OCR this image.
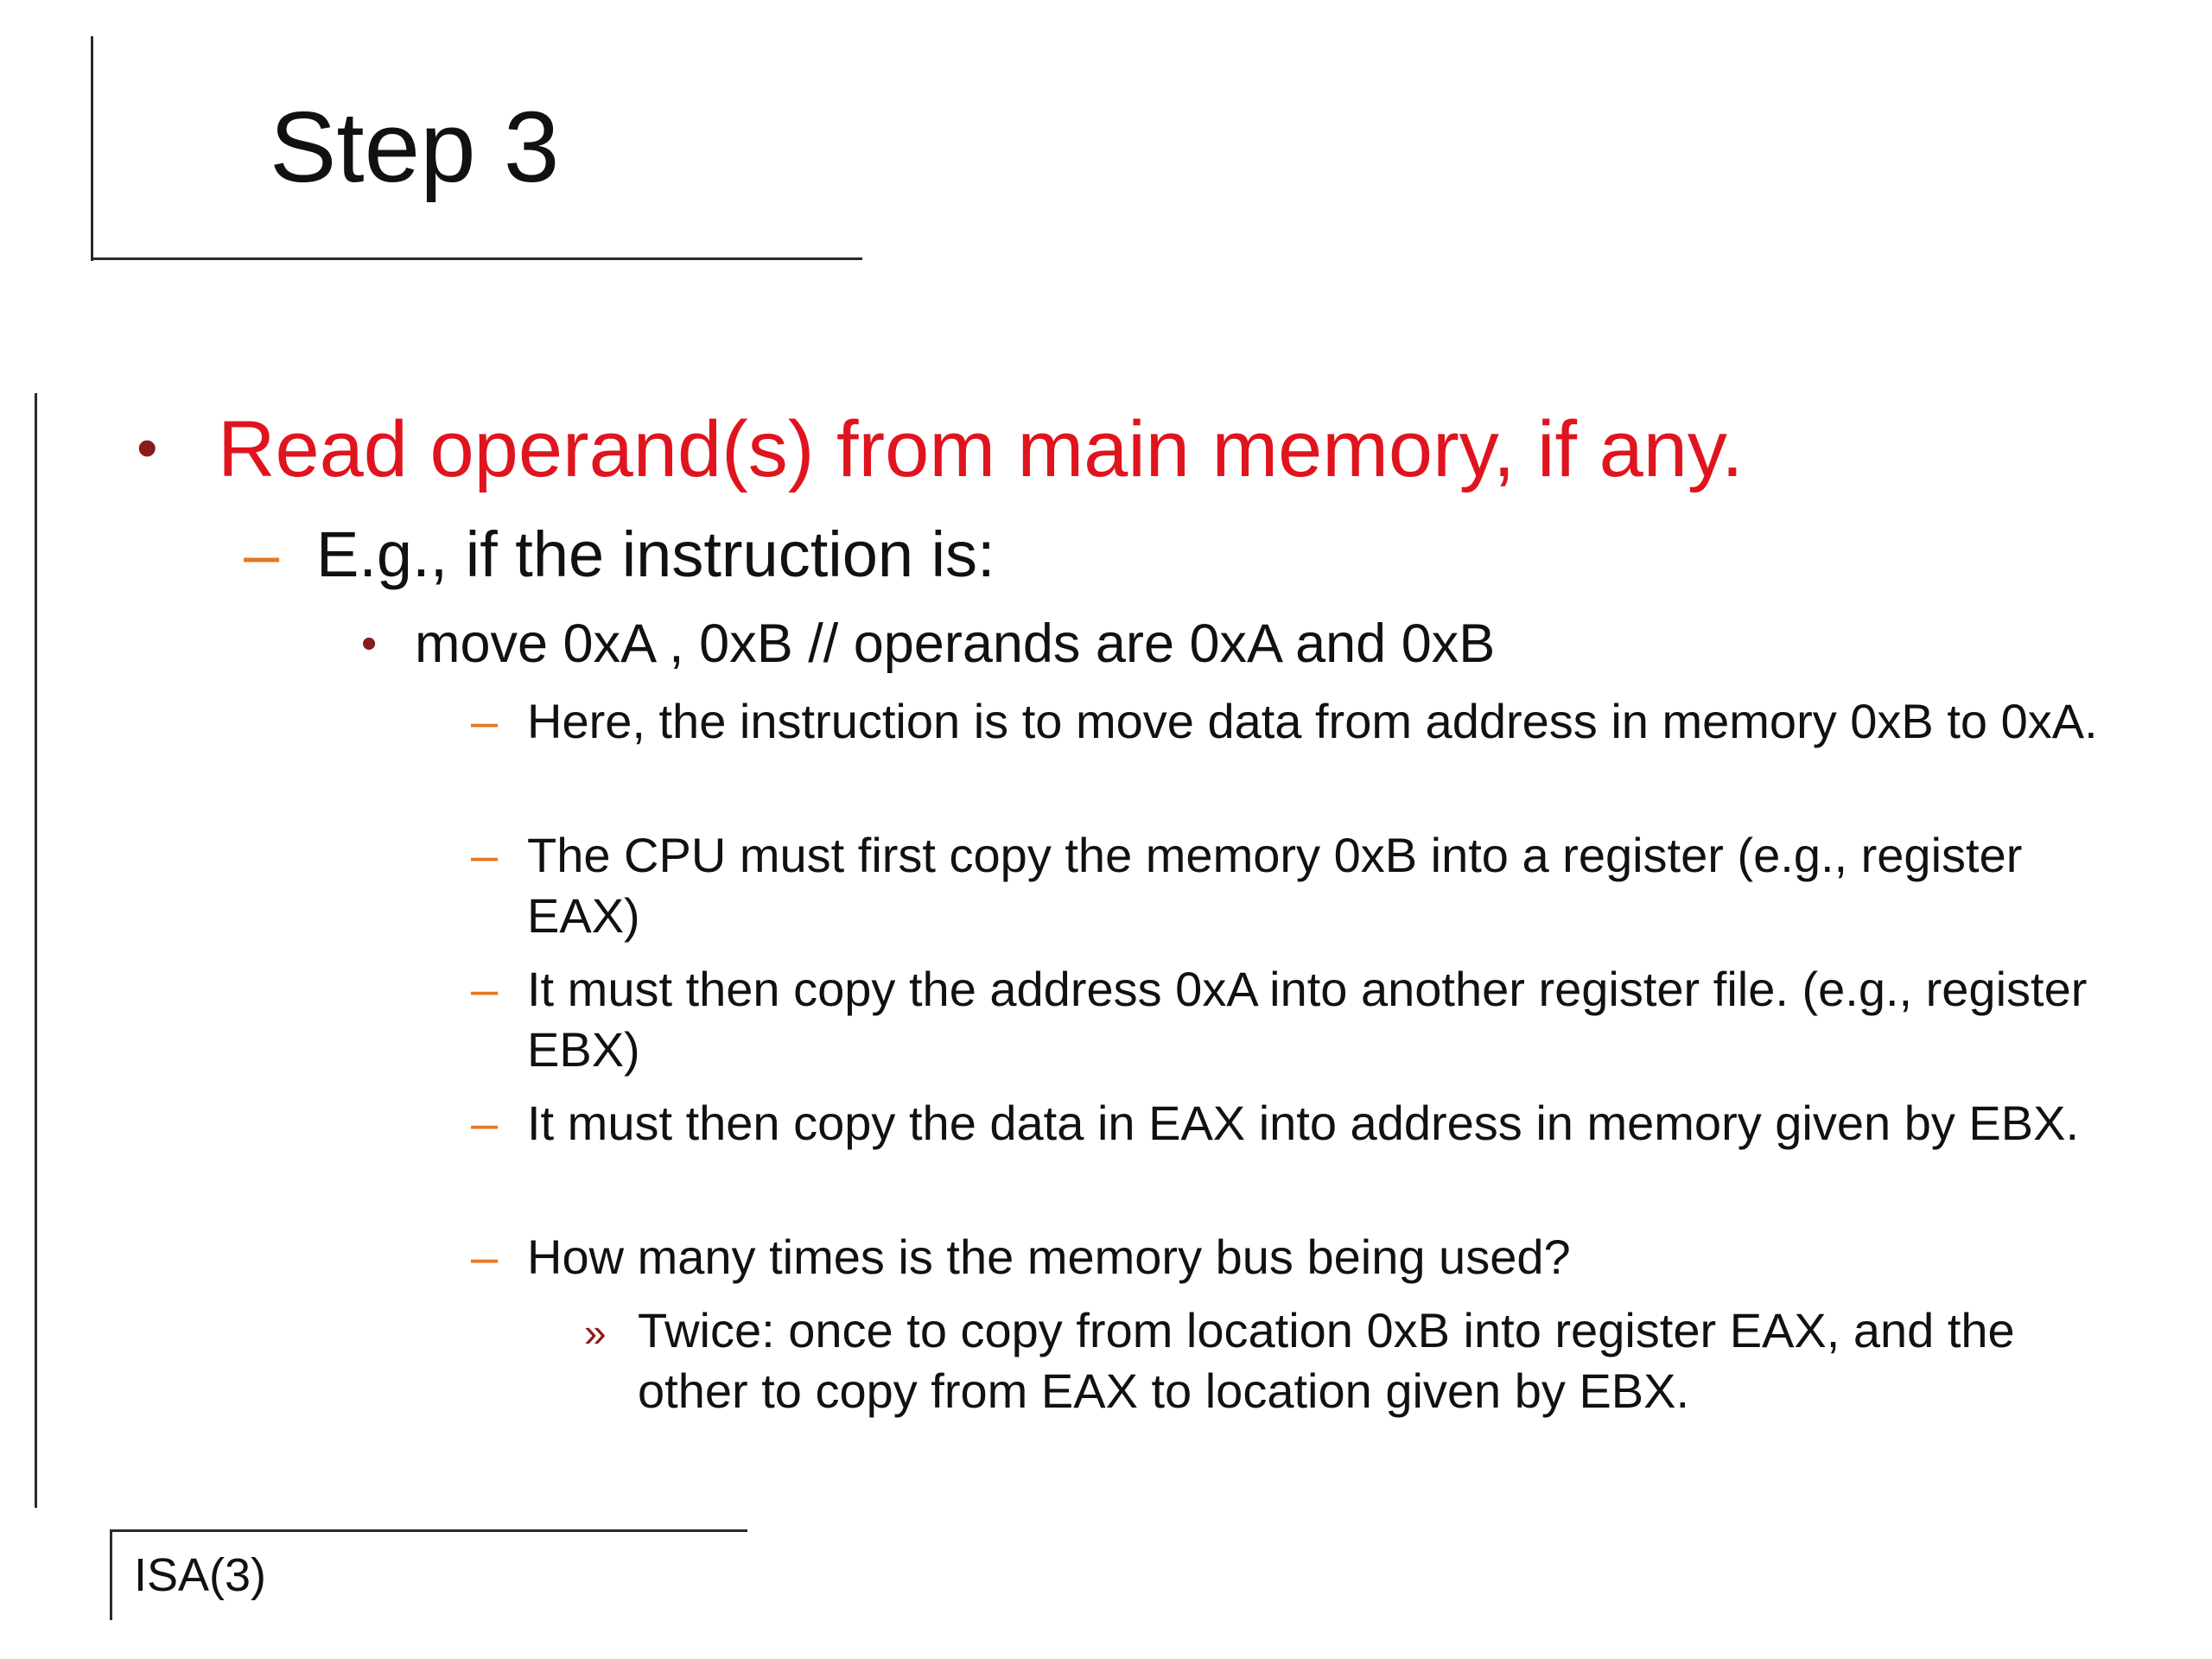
Step 3
• Read operand(s) from main memory, if any.
– E.g., if the instruction is:
• move 0xA , 0xB // operands are 0xA and 0xB
– Here, the instruction is to move data from address in memory 0xB to 0xA.
– The CPU must first copy the memory 0xB into a register (e.g., register EAX)
– It must then copy the address 0xA into another register file. (e.g., register EBX)
– It must then copy the data in EAX into address in memory given by EBX.
– How many times is the memory bus being used?
» Twice: once to copy from location 0xB into register EAX, and the other to copy from EAX to location given by EBX.
ISA(3)
